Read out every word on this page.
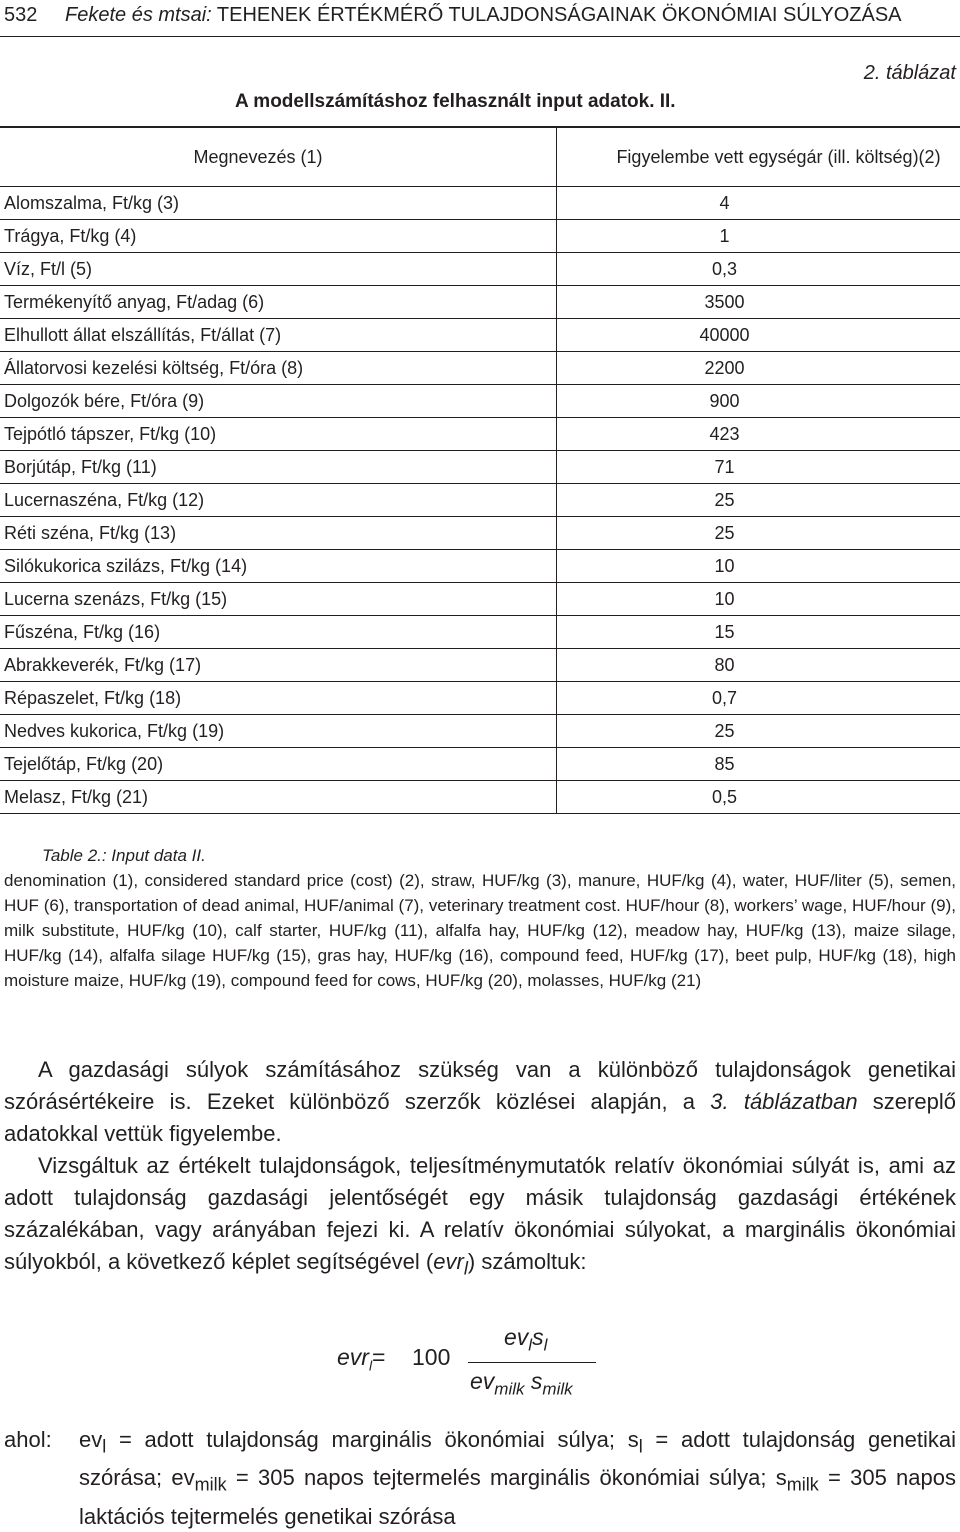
532 Fekete és mtsai: TEHENEK ÉRTÉKMÉRŐ TULAJDONSÁGAINAK ÖKONÓMIAI SÚLYOZÁSA
2. táblázat
A modellszámításhoz felhasznált input adatok. II.
Megnevezés (1)	Figyelembe vett egységár (ill. költség)(2)
Alomszalma, Ft/kg (3)	4
Trágya, Ft/kg (4)	1
Víz, Ft/l (5)	0,3
Termékenyítő anyag, Ft/adag (6)	3500
Elhullott állat elszállítás, Ft/állat (7)	40000
Állatorvosi kezelési költség, Ft/óra (8)	2200
Dolgozók bére, Ft/óra (9)	900
Tejpótló tápszer, Ft/kg (10)	423
Borjútáp, Ft/kg (11)	71
Lucernaszéna, Ft/kg (12)	25
Réti széna, Ft/kg (13)	25
Silókukorica szilázs, Ft/kg (14)	10
Lucerna szenázs, Ft/kg (15)	10
Fűszéna, Ft/kg (16)	15
Abrakkeverék, Ft/kg (17)	80
Répaszelet, Ft/kg (18)	0,7
Nedves kukorica, Ft/kg (19)	25
Tejelőtáp, Ft/kg (20)	85
Melasz, Ft/kg (21)	0,5
Table 2.: Input data II.
denomination (1), considered standard price (cost) (2), straw, HUF/kg (3), manure, HUF/kg (4), water, HUF/liter (5), semen, HUF (6), transportation of dead animal, HUF/animal (7), veterinary treatment cost. HUF/hour (8), workers’ wage, HUF/hour (9), milk substitute, HUF/kg (10), calf starter, HUF/kg (11), alfalfa hay, HUF/kg (12), meadow hay, HUF/kg (13), maize silage, HUF/kg (14), alfalfa silage HUF/kg (15), gras hay, HUF/kg (16), compound feed, HUF/kg (17), beet pulp, HUF/kg (18), high moisture maize, HUF/kg (19), compound feed for cows, HUF/kg (20), molasses, HUF/kg (21)

A gazdasági súlyok számításához szükség van a különböző tulajdonságok genetikai szórásértékeire is. Ezeket különböző szerzők közlései alapján, a 3. táblázatban szereplő adatokkal vettük figyelembe.

Vizsgáltuk az értékelt tulajdonságok, teljesítménymutatók relatív ökonómiai súlyát is, ami az adott tulajdonság gazdasági jelentőségét egy másik tulajdonság gazdasági értékének százalékában, vagy arányában fejezi ki. A relatív ökonómiai súlyokat, a marginális ökonómiai súlyokból, a következő képlet segítségével (evr$_l$) számoltuk:

evr$_l$ = 100
$ev_ls_l$
$ev_{milk}$ $s_{milk}$
ahol: $ev_l$ = adott tulajdonság marginális ökonómiai súlya; $s_l$ = adott tulajdonság genetikai szórása; $ev_{milk} = 305$ napos tejtermelés marginális ökonómiai súlya; $s_{milk} = 305$ napos laktációs tejtermelés genetikai szórása
